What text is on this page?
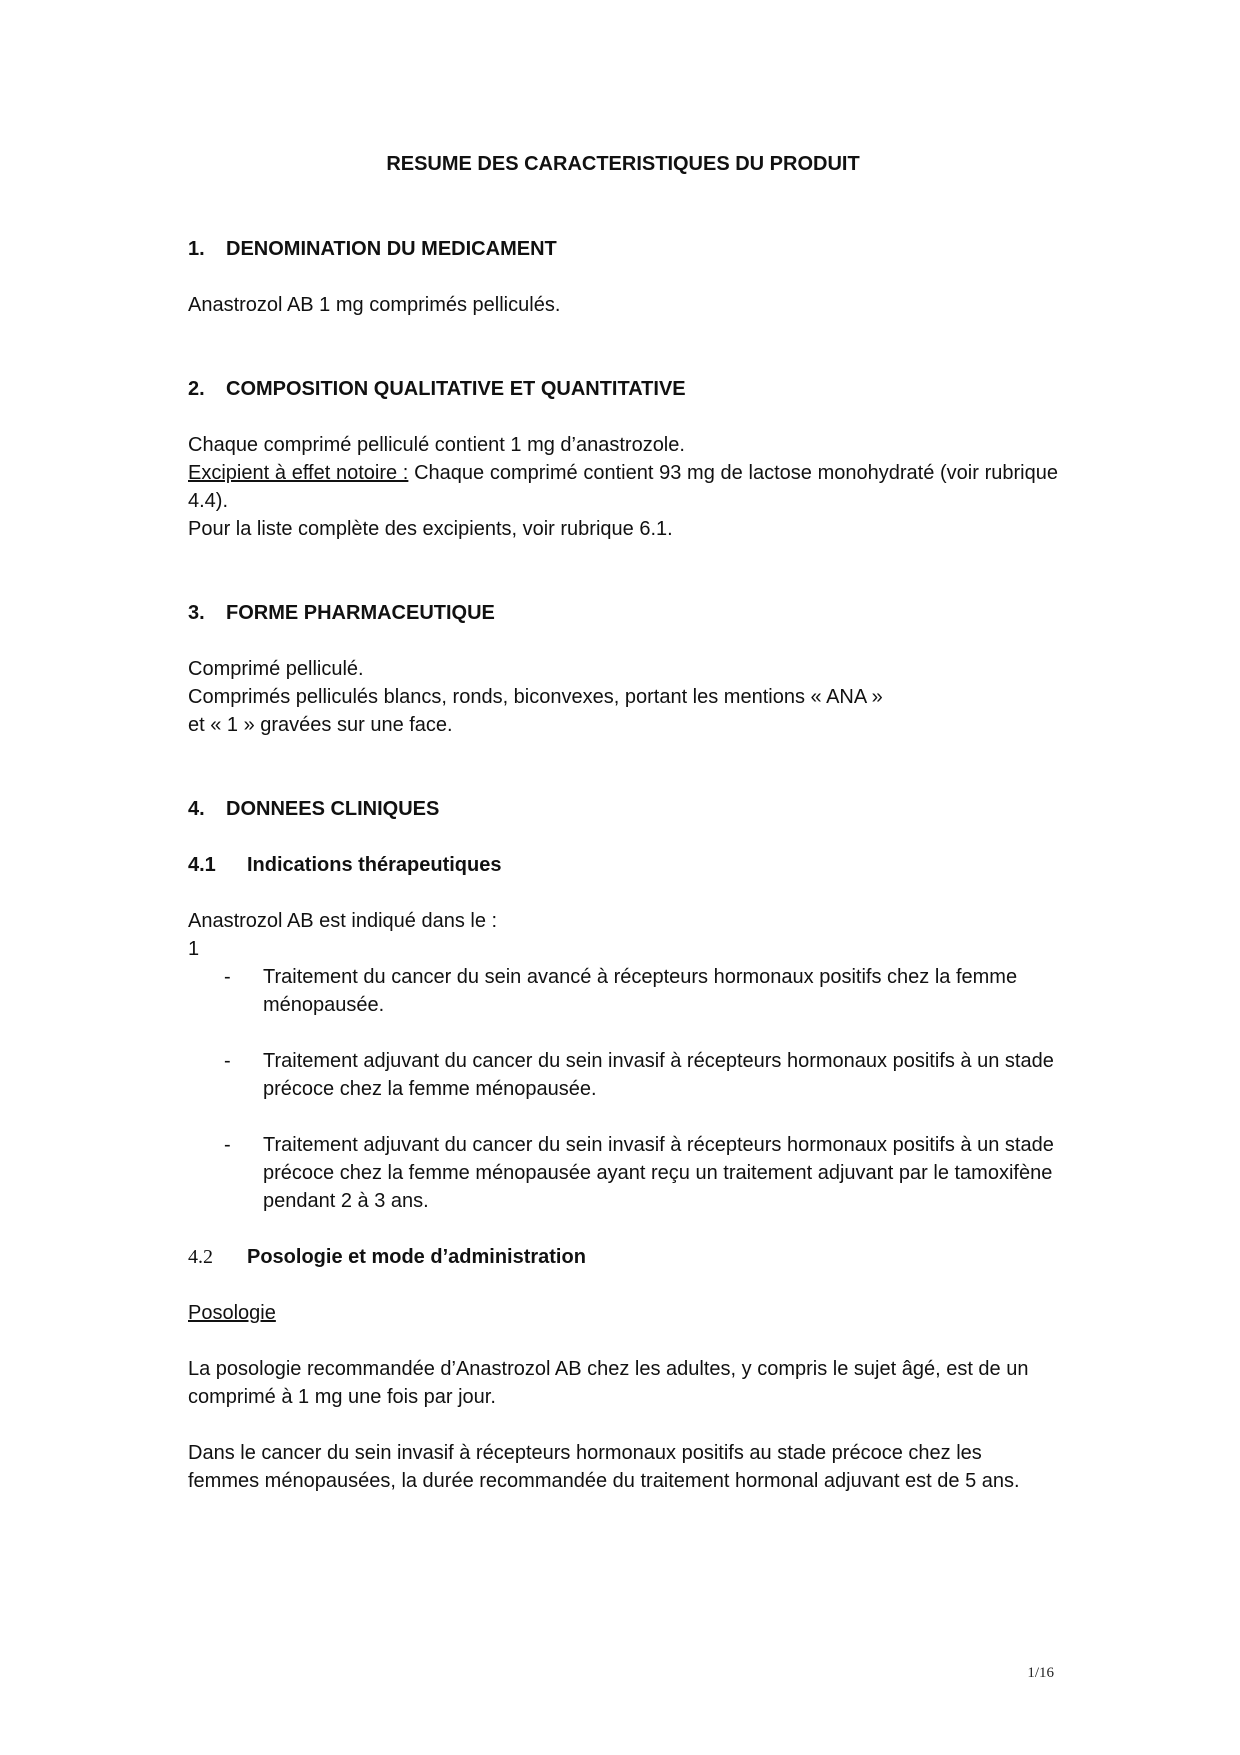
RESUME DES CARACTERISTIQUES DU PRODUIT
1.	DENOMINATION DU MEDICAMENT

Anastrozol AB 1 mg comprimés pelliculés.

2.	COMPOSITION QUALITATIVE ET QUANTITATIVE

Chaque comprimé pelliculé contient 1 mg d’anastrozole.

Excipient à effet notoire : Chaque comprimé contient 93 mg de lactose monohydraté (voir rubrique 4.4).

Pour la liste complète des excipients, voir rubrique 6.1.

3.	FORME PHARMACEUTIQUE

Comprimé pelliculé.

Comprimés pelliculés blancs, ronds, biconvexes, portant les mentions « ANA »

et « 1 » gravées sur une face.

4.	DONNEES CLINIQUES
4.1	Indications thérapeutiques

Anastrozol AB est indiqué dans le :

1

-	Traitement du cancer du sein avancé à récepteurs hormonaux positifs chez la femme ménopausée.
-	Traitement adjuvant du cancer du sein invasif à récepteurs hormonaux positifs à un stade précoce chez la femme ménopausée.
-	Traitement adjuvant du cancer du sein invasif à récepteurs hormonaux positifs à un stade précoce chez la femme ménopausée ayant reçu un traitement adjuvant par le tamoxifène pendant 2 à 3 ans.
4.2	Posologie et mode d’administration

Posologie

La posologie recommandée d’Anastrozol AB chez les adultes, y compris le sujet âgé, est de un comprimé à 1 mg une fois par jour.

Dans le cancer du sein invasif à récepteurs hormonaux positifs au stade précoce chez les femmes ménopausées, la durée recommandée du traitement hormonal adjuvant est de 5 ans.

1/16
